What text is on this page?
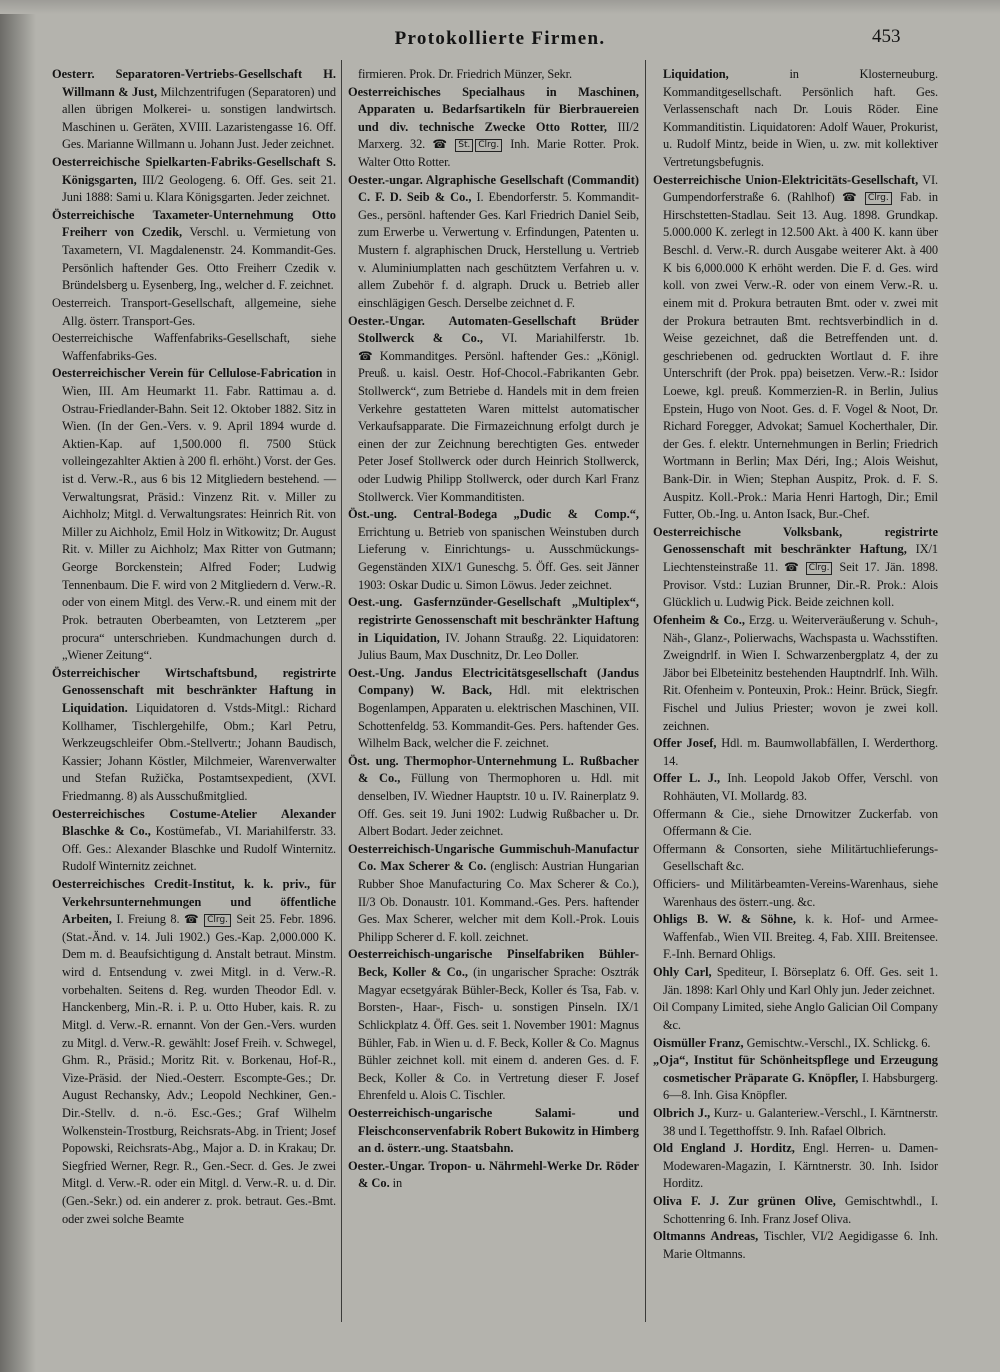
Protokollierte Firmen.	453

Oesterr. Separatoren-Vertriebs-Gesellschaft H. Willmann & Just, Milchzentrifugen (Separatoren) und allen übrigen Molkerei- u. sonstigen landwirtsch. Maschinen u. Geräten, XVIII. Lazaristengasse 16. Off. Ges. Marianne Willmann u. Johann Just. Jeder zeichnet.

Oesterreichische Spielkarten-Fabriks-Gesellschaft S. Königsgarten, III/2 Geologeng. 6. Off. Ges. seit 21. Juni 1888: Sami u. Klara Königsgarten. Jeder zeichnet.

Österreichische Taxameter-Unternehmung Otto Freiherr von Czedik, Verschl. u. Vermietung von Taxametern, VI. Magdalenenstr. 24. Kommandit-Ges. Persönlich haftender Ges. Otto Freiherr Czedik v. Bründelsberg u. Eysenberg, Ing., welcher d. F. zeichnet.

Oesterreich. Transport-Gesellschaft, allgemeine, siehe Allg. österr. Transport-Ges.

Oesterreichische Waffenfabriks-Gesellschaft, siehe Waffenfabriks-Ges.

Oesterreichischer Verein für Cellulose-Fabrication in Wien, III. Am Heumarkt 11. Fabr. Rattimau a. d. Ostrau-Friedlander-Bahn. Seit 12. Oktober 1882. Sitz in Wien. (In der Gen.-Vers. v. 9. April 1894 wurde d. Aktien-Kap. auf 1,500.000 fl. 7500 Stück volleingezahlter Aktien à 200 fl. erhöht.) Vorst. der Ges. ist d. Verw.-R., aus 6 bis 12 Mitgliedern bestehend. — Verwaltungsrat, Präsid.: Vinzenz Rit. v. Miller zu Aichholz; Mitgl. d. Verwaltungsrates: Heinrich Rit. von Miller zu Aichholz, Emil Holz in Witkowitz; Dr. August Rit. v. Miller zu Aichholz; Max Ritter von Gutmann; George Borckenstein; Alfred Foder; Ludwig Tennenbaum. Die F. wird von 2 Mitgliedern d. Verw.-R. oder von einem Mitgl. des Verw.-R. und einem mit der Prok. betrauten Oberbeamten, von Letzterem „per procura“ unterschrieben. Kundmachungen durch d. „Wiener Zeitung“.

Österreichischer Wirtschaftsbund, registrirte Genossenschaft mit beschränkter Haftung in Liquidation. Liquidatoren d. Vstds-Mitgl.: Richard Kollhamer, Tischlergehilfe, Obm.; Karl Petru, Werkzeugschleifer Obm.-Stellvertr.; Johann Baudisch, Kassier; Johann Köstler, Milchmeier, Warenverwalter und Stefan Ružička, Postamtsexpedient, (XVI. Friedmanng. 8) als Ausschußmitglied.

Oesterreichisches Costume-Atelier Alexander Blaschke & Co., Kostümefab., VI. Mariahilferstr. 33. Off. Ges.: Alexander Blaschke und Rudolf Winternitz. Rudolf Winternitz zeichnet.

Oesterreichisches Credit-Institut, k. k. priv., für Verkehrsunternehmungen und öffentliche Arbeiten, I. Freiung 8. ☎	Clrg. Seit 25. Febr. 1896. (Stat.-Änd. v. 14. Juli 1902.) Ges.-Kap. 2,000.000 K. Dem m. d. Beaufsichtigung d. Anstalt betraut. Minstm. wird d. Entsendung v. zwei Mitgl. in d. Verw.-R. vorbehalten. Seitens d. Reg. wurden Theodor Edl. v. Hanckenberg, Min.-R. i. P. u. Otto Huber, kais. R. zu Mitgl. d. Verw.-R. ernannt. Von der Gen.-Vers. wurden zu Mitgl. d. Verw.-R. gewählt: Josef Freih. v. Schwegel, Ghm. R., Präsid.; Moritz Rit. v. Borkenau, Hof-R., Vize-Präsid. der Nied.-Oesterr. Escompte-Ges.; Dr. August Rechansky, Adv.; Leopold Nechkiner, Gen.-Dir.-Stellv. d. n.-ö. Esc.-Ges.; Graf Wilhelm Wolkenstein-Trostburg, Reichsrats-Abg. in Trient; Josef Popowski, Reichsrats-Abg., Major a. D. in Krakau; Dr. Siegfried Werner, Regr. R., Gen.-Secr. d. Ges. Je zwei Mitgl. d. Verw.-R. oder ein Mitgl. d. Verw.-R. u. d. Dir. (Gen.-Sekr.) od. ein anderer z. prok. betraut. Ges.-Bmt. oder zwei solche Beamte

firmieren. Prok. Dr. Friedrich Münzer, Sekr.

Oesterreichisches Specialhaus in Maschinen, Apparaten u. Bedarfsartikeln für Bierbrauereien und div. technische Zwecke Otto Rotter, III/2 Marxerg. 32. ☎	St. Clrg. Inh. Marie Rotter. Prok. Walter Otto Rotter.

Oester.-ungar. Algraphische Gesellschaft (Commandit) C. F. D. Seib & Co., I. Ebendorferstr. 5. Kommandit-Ges., persönl. haftender Ges. Karl Friedrich Daniel Seib, zum Erwerbe u. Verwertung v. Erfindungen, Patenten u. Mustern f. algraphischen Druck, Herstellung u. Vertrieb v. Aluminiumplatten nach geschütztem Verfahren u. v. allem Zubehör f. d. algraph. Druck u. Betrieb aller einschlägigen Gesch. Derselbe zeichnet d. F.

Oester.-Ungar. Automaten-Gesellschaft Brüder Stollwerck & Co., VI. Mariahilferstr. 1b. ☎ Kommanditges. Persönl. haftender Ges.: „Königl. Preuß. u. kaisl. Oestr. Hof-Chocol.-Fabrikanten Gebr. Stollwerck“, zum Betriebe d. Handels mit in dem freien Verkehre gestatteten Waren mittelst automatischer Verkaufsapparate. Die Firmazeichnung erfolgt durch je einen der zur Zeichnung berechtigten Ges. entweder Peter Josef Stollwerck oder durch Heinrich Stollwerck, oder Ludwig Philipp Stollwerck, oder durch Karl Franz Stollwerck. Vier Kommanditisten.

Öst.-ung. Central-Bodega „Dudic & Comp.“, Errichtung u. Betrieb von spanischen Weinstuben durch Lieferung v. Einrichtungs- u. Ausschmückungs-Gegenständen XIX/1 Guneschg. 5. Öff. Ges. seit Jänner 1903: Oskar Dudic u. Simon Löwus. Jeder zeichnet.

Oest.-ung. Gasfernzünder-Gesellschaft „Multiplex“, registrirte Genossenschaft mit beschränkter Haftung in Liquidation, IV. Johann Straußg. 22. Liquidatoren: Julius Baum, Max Duschnitz, Dr. Leo Doller.

Oest.-Ung. Jandus Electricitätsgesellschaft (Jandus Company) W. Back, Hdl. mit elektrischen Bogenlampen, Apparaten u. elektrischen Maschinen, VII. Schottenfeldg. 53. Kommandit-Ges. Pers. haftender Ges. Wilhelm Back, welcher die F. zeichnet.

Öst. ung. Thermophor-Unternehmung L. Rußbacher & Co., Füllung von Thermophoren u. Hdl. mit denselben, IV. Wiedner Hauptstr. 10 u. IV. Rainerplatz 9. Off. Ges. seit 19. Juni 1902: Ludwig Rußbacher u. Dr. Albert Bodart. Jeder zeichnet.

Oesterreichisch-Ungarische Gummischuh-Manufactur Co. Max Scherer & Co. (englisch: Austrian Hungarian Rubber Shoe Manufacturing Co. Max Scherer & Co.), II/3 Ob. Donaustr. 101. Kommand.-Ges. Pers. haftender Ges. Max Scherer, welcher mit dem Koll.-Prok. Louis Philipp Scherer d. F. koll. zeichnet.

Oesterreichisch-ungarische Pinselfabriken Bühler-Beck, Koller & Co., (in ungarischer Sprache: Osztrák Magyar ecsetgyárak Bühler-Beck, Koller és Tsa, Fab. v. Borsten-, Haar-, Fisch- u. sonstigen Pinseln. IX/1 Schlickplatz 4. Öff. Ges. seit 1. November 1901: Magnus Bühler, Fab. in Wien u. d. F. Beck, Koller & Co. Magnus Bühler zeichnet koll. mit einem d. anderen Ges. d. F. Beck, Koller & Co. in Vertretung dieser F. Josef Ehrenfeld u. Alois C. Tischler.

Oesterreichisch-ungarische Salami- und Fleischconservenfabrik Robert Bukowitz in Himberg an d. österr.-ung. Staatsbahn.

Oester.-Ungar. Tropon- u. Nährmehl-Werke Dr. Röder & Co. in

Liquidation, in Klosterneuburg. Kommanditgesellschaft. Persönlich haft. Ges. Verlassenschaft nach Dr. Louis Röder. Eine Kommanditistin. Liquidatoren: Adolf Wauer, Prokurist, u. Rudolf Mintz, beide in Wien, u. zw. mit kollektiver Vertretungsbefugnis.

Oesterreichische Union-Elektricitäts-Gesellschaft, VI. Gumpendorferstraße 6. (Rahlhof) ☎	Clrg. Fab. in Hirschstetten-Stadlau. Seit 13. Aug. 1898. Grundkap. 5.000.000 K. zerlegt in 12.500 Akt. à 400 K. kann über Beschl. d. Verw.-R. durch Ausgabe weiterer Akt. à 400 K bis 6,000.000 K erhöht werden. Die F. d. Ges. wird koll. von zwei Verw.-R. oder von einem Verw.-R. u. einem mit d. Prokura betrauten Bmt. oder v. zwei mit der Prokura betrauten Bmt. rechtsverbindlich in d. Weise gezeichnet, daß die Betreffenden unt. d. geschriebenen od. gedruckten Wortlaut d. F. ihre Unterschrift (der Prok. ppa) beisetzen. Verw.-R.: Isidor Loewe, kgl. preuß. Kommerzien-R. in Berlin, Julius Epstein, Hugo von Noot. Ges. d. F. Vogel & Noot, Dr. Richard Foregger, Advokat; Samuel Kocherthaler, Dir. der Ges. f. elektr. Unternehmungen in Berlin; Friedrich Wortmann in Berlin; Max Déri, Ing.; Alois Weishut, Bank-Dir. in Wien; Stephan Auspitz, Prok. d. F. S. Auspitz. Koll.-Prok.: Maria Henri Hartogh, Dir.; Emil Futter, Ob.-Ing. u. Anton Isack, Bur.-Chef.

Oesterreichische Volksbank, registrirte Genossenschaft mit beschränkter Haftung, IX/1 Liechtensteinstraße 11. ☎	Clrg. Seit 17. Jän. 1898. Provisor. Vstd.: Luzian Brunner, Dir.-R. Prok.: Alois Glücklich u. Ludwig Pick. Beide zeichnen koll.

Ofenheim & Co., Erzg. u. Weiterveräußerung v. Schuh-, Näh-, Glanz-, Polierwachs, Wachspasta u. Wachsstiften. Zweigndrlf. in Wien I. Schwarzenbergplatz 4, der zu Jäbor bei Elbeteinitz bestehenden Hauptndrlf. Inh. Wilh. Rit. Ofenheim v. Ponteuxin, Prok.: Heinr. Brück, Siegfr. Fischel und Julius Priester; wovon je zwei koll. zeichnen.

Offer Josef, Hdl. m. Baumwollabfällen, I. Werderthorg. 14.

Offer L. J., Inh. Leopold Jakob Offer, Verschl. von Rohhäuten, VI. Mollardg. 83.

Offermann & Cie., siehe Drnowitzer Zuckerfab. von Offermann & Cie.

Offermann & Consorten, siehe Militärtuchlieferungs-Gesellschaft &c.

Officiers- und Militärbeamten-Vereins-Warenhaus, siehe Warenhaus des österr.-ung. &c.

Ohligs B. W. & Söhne, k. k. Hof- und Armee-Waffenfab., Wien VII. Breiteg. 4, Fab. XIII. Breitensee. F.-Inh. Bernard Ohligs.

Ohly Carl, Spediteur, I. Börseplatz 6. Off. Ges. seit 1. Jän. 1898: Karl Ohly und Karl Ohly jun. Jeder zeichnet.

Oil Company Limited, siehe Anglo Galician Oil Company &c.

Oismüller Franz, Gemischtw.-Verschl., IX. Schlickg. 6.

„Oja“, Institut für Schönheitspflege und Erzeugung cosmetischer Präparate G. Knöpfler, I. Habsburgerg. 6—8. Inh. Gisa Knöpfler.

Olbrich J., Kurz- u. Galanteriew.-Verschl., I. Kärntnerstr. 38 und I. Tegetthoffstr. 9. Inh. Rafael Olbrich.

Old England J. Horditz, Engl. Herren- u. Damen-Modewaren-Magazin, I. Kärntnerstr. 30. Inh. Isidor Horditz.

Oliva F. J. Zur grünen Olive, Gemischtwhdl., I. Schottenring 6. Inh. Franz Josef Oliva.

Oltmanns Andreas, Tischler, VI/2 Aegidigasse 6. Inh. Marie Oltmanns.
